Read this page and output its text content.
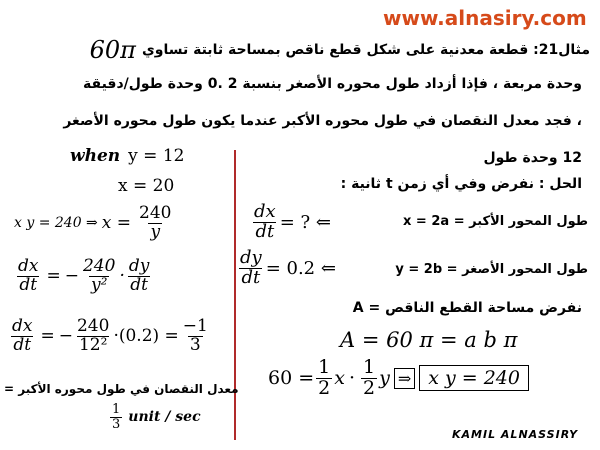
www.alnasiry.com
60π مثال21: قطعة معدنية على شكل قطع ناقص بمساحة ثابتة تساوي
وحدة مربعة ، فإذا أزداد طول محوره الأصغر بنسبة 2 .0 وحدة طول/دقيقة
، فجد معدل النقصان في طول محوره الأكبر عندما يكون طول محوره الأصغر
12 وحدة طول
when y = 12
x = 20
x y = 240 ⇒ $x = \frac{240}{y}$
$\frac{dx}{dt}$ = − $\frac{240}{\text{y²}} \cdot \frac{dy}{dt}$
$\frac{dx}{dt}$ = − $\frac{240}{\text{12²}} \cdot(0.2) = \frac{-1}{3}$
معدل النقصان في طول محوره الأكبر =
$\frac{1}{3}$ unit / sec
الحل : نفرض وفي أي زمن t ثانية :
$\frac{dx}{dt}$ = ? ⇐	طول المحور الأكبر = x = 2a
$\frac{dy}{dt} = 0.2$ ⇐	طول المحور الأصغر = y = 2b
نفرض مساحة القطع الناقص = A
A = 60 π = a b π
$60 = \frac{1}{2}$ $x \cdot \frac{1}{2}$ y ⇒ x y = 240
KAMIL ALNASSIRY
